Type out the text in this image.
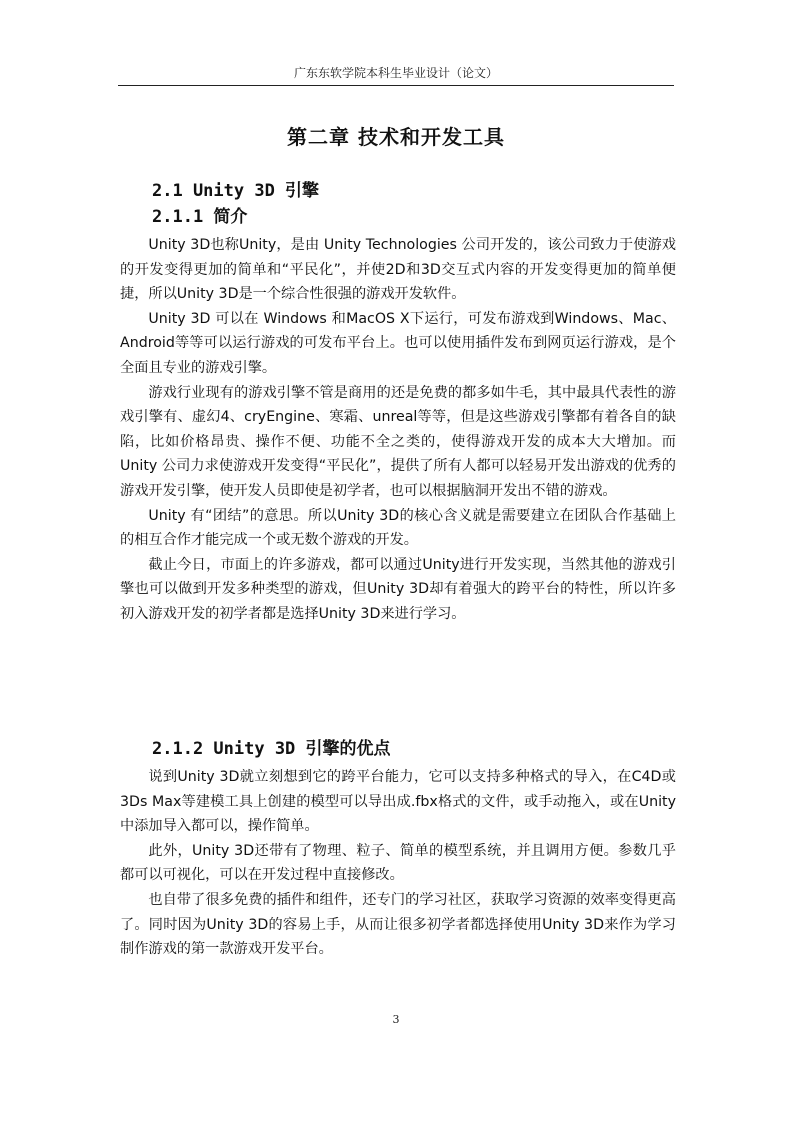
广东东软学院本科生毕业设计（论文）
第二章 技术和开发工具
2.1 Unity 3D 引擎
2.1.1 简介

Unity 3D也称Unity，是由 Unity Technologies 公司开发的，该公司致力于使游戏的开发变得更加的简单和“平民化”，并使2D和3D交互式内容的开发变得更加的简单便捷，所以Unity 3D是一个综合性很强的游戏开发软件。

Unity 3D 可以在 Windows 和MacOS X下运行，可发布游戏到Windows、Mac、Android等等可以运行游戏的可发布平台上。也可以使用插件发布到网页运行游戏，是个全面且专业的游戏引擎。

游戏行业现有的游戏引擎不管是商用的还是免费的都多如牛毛，其中最具代表性的游戏引擎有、虚幻4、cryEngine、寒霜、unreal等等，但是这些游戏引擎都有着各自的缺陷，比如价格昂贵、操作不便、功能不全之类的，使得游戏开发的成本大大增加。而 Unity 公司力求使游戏开发变得“平民化”，提供了所有人都可以轻易开发出游戏的优秀的游戏开发引擎，使开发人员即使是初学者，也可以根据脑洞开发出不错的游戏。

Unity 有“团结”的意思。所以Unity 3D的核心含义就是需要建立在团队合作基础上的相互合作才能完成一个或无数个游戏的开发。

截止今日，市面上的许多游戏，都可以通过Unity进行开发实现，当然其他的游戏引擎也可以做到开发多种类型的游戏，但Unity 3D却有着强大的跨平台的特性，所以许多初入游戏开发的初学者都是选择Unity 3D来进行学习。

2.1.2 Unity 3D 引擎的优点

说到Unity 3D就立刻想到它的跨平台能力，它可以支持多种格式的导入，在C4D或3Ds Max等建模工具上创建的模型可以导出成.fbx格式的文件，或手动拖入，或在Unity中添加导入都可以，操作简单。

此外，Unity 3D还带有了物理、粒子、简单的模型系统，并且调用方便。参数几乎都可以可视化，可以在开发过程中直接修改。

也自带了很多免费的插件和组件，还专门的学习社区，获取学习资源的效率变得更高了。同时因为Unity 3D的容易上手，从而让很多初学者都选择使用Unity 3D来作为学习制作游戏的第一款游戏开发平台。

3
